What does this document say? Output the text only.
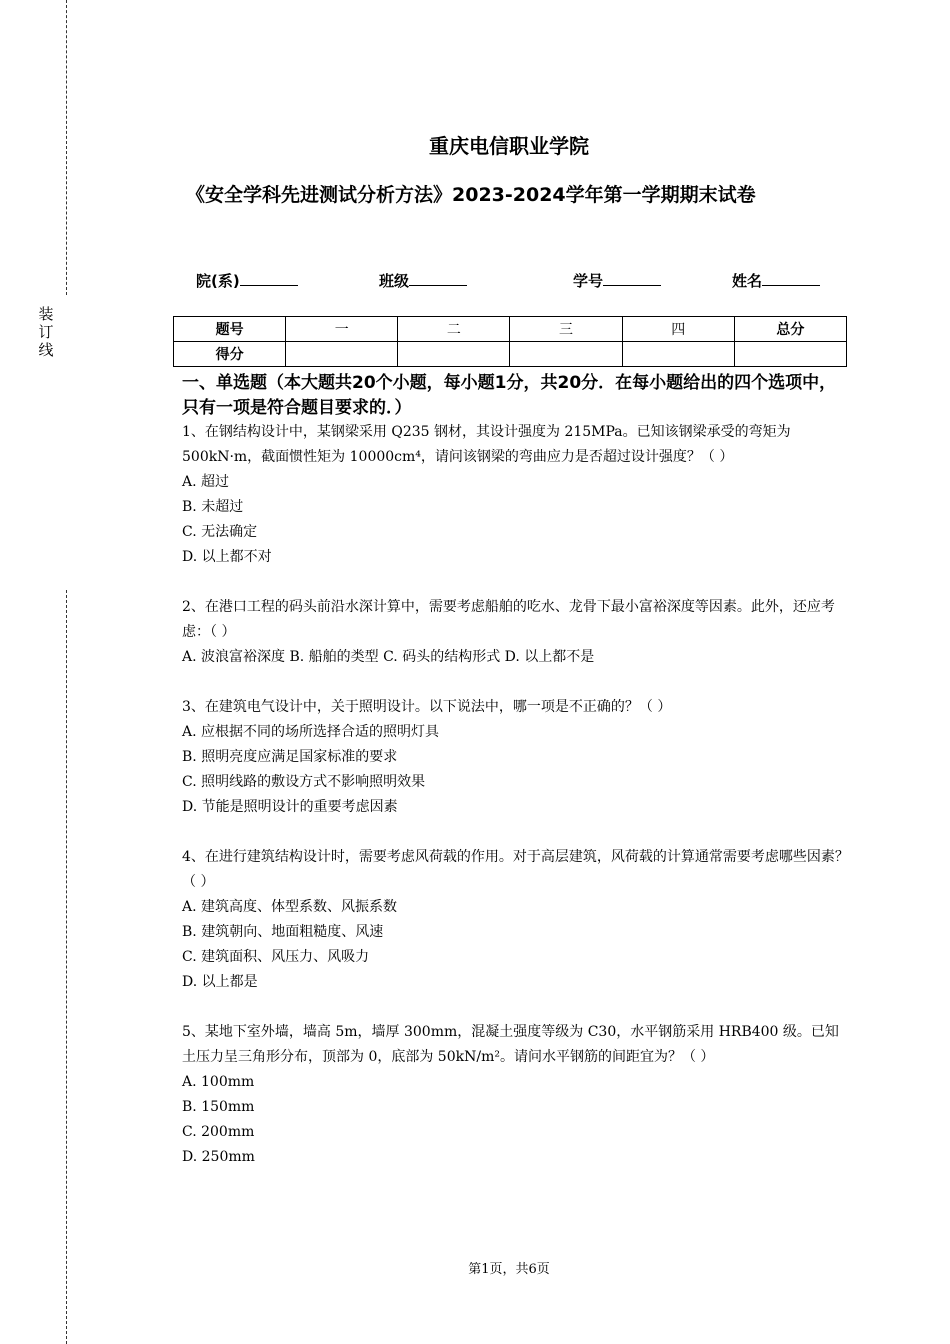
装
订
线
重庆电信职业学院
《安全学科先进测试分析方法》2023-2024学年第一学期期末试卷
院(系)	班级	学号	姓名
题号	一	二	三	四	总分
得分					
一、单选题（本大题共20个小题，每小题1分，共20分．在每小题给出的四个选项中，只有一项是符合题目要求的．）

1、在钢结构设计中，某钢梁采用 Q235 钢材，其设计强度为 215MPa。已知该钢梁承受的弯矩为 500kN·m，截面惯性矩为 10000cm⁴，请问该钢梁的弯曲应力是否超过设计强度？（ ）

A. 超过

B. 未超过

C. 无法确定

D. 以上都不对

2、在港口工程的码头前沿水深计算中，需要考虑船舶的吃水、龙骨下最小富裕深度等因素。此外，还应考虑：（ ）

A. 波浪富裕深度 B. 船舶的类型 C. 码头的结构形式 D. 以上都不是

3、在建筑电气设计中，关于照明设计。以下说法中，哪一项是不正确的？（ ）

A. 应根据不同的场所选择合适的照明灯具

B. 照明亮度应满足国家标准的要求

C. 照明线路的敷设方式不影响照明效果

D. 节能是照明设计的重要考虑因素

4、在进行建筑结构设计时，需要考虑风荷载的作用。对于高层建筑，风荷载的计算通常需要考虑哪些因素？（ ）

A. 建筑高度、体型系数、风振系数

B. 建筑朝向、地面粗糙度、风速

C. 建筑面积、风压力、风吸力

D. 以上都是

5、某地下室外墙，墙高 5m，墙厚 300mm，混凝土强度等级为 C30，水平钢筋采用 HRB400 级。已知土压力呈三角形分布，顶部为 0，底部为 50kN/m²。请问水平钢筋的间距宜为？（ ）

A. 100mm

B. 150mm

C. 200mm

D. 250mm

第1页，共6页
